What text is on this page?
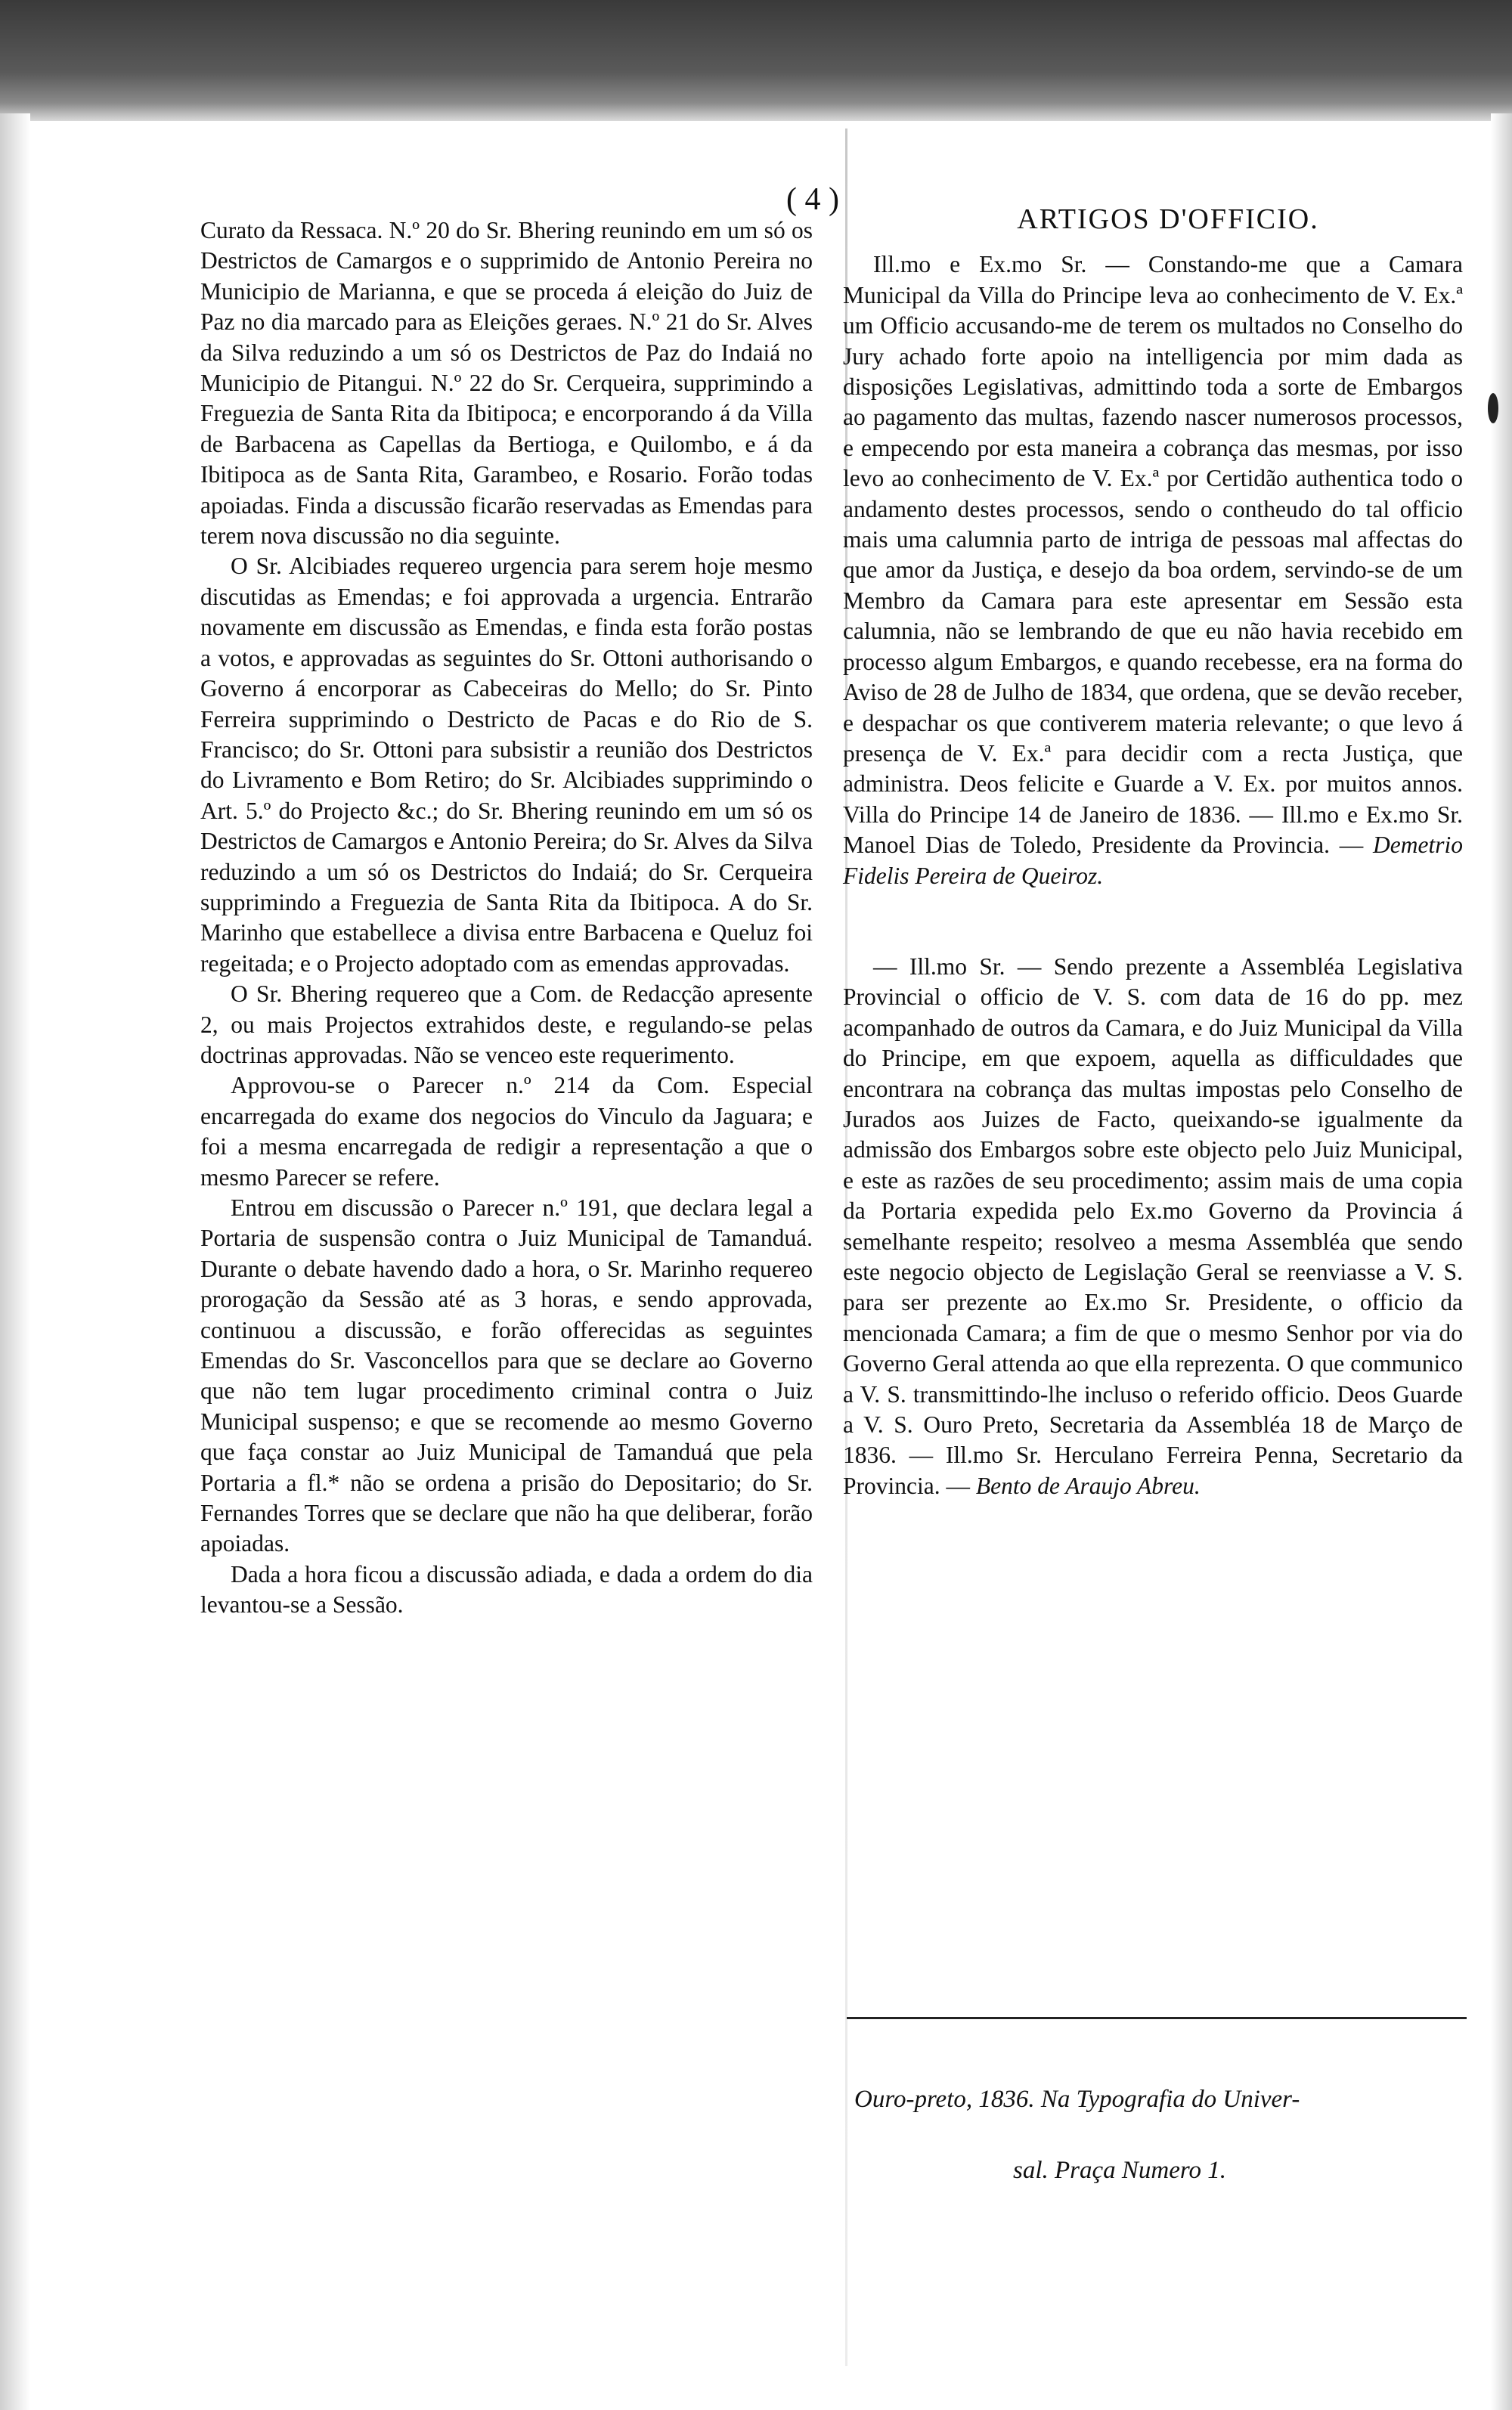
( 4 )

Curato da Ressaca. N.º 20 do Sr. Bhering reunindo em um só os Destrictos de Camargos e o supprimido de Antonio Pereira no Municipio de Marianna, e que se proceda á eleição do Juiz de Paz no dia marcado para as Eleições geraes. N.º 21 do Sr. Alves da Silva reduzindo a um só os Destrictos de Paz do Indaiá no Municipio de Pitangui. N.º 22 do Sr. Cerqueira, supprimindo a Freguezia de Santa Rita da Ibitipoca; e encorporando á da Villa de Barbacena as Capellas da Bertioga, e Quilombo, e á da Ibitipoca as de Santa Rita, Garambeo, e Rosario. Forão todas apoiadas. Finda a discussão ficarão reservadas as Emendas para terem nova discussão no dia seguinte.

O Sr. Alcibiades requereo urgencia para serem hoje mesmo discutidas as Emendas; e foi approvada a urgencia. Entrarão novamente em discussão as Emendas, e finda esta forão postas a votos, e approvadas as seguintes do Sr. Ottoni authorisando o Governo á encorporar as Cabeceiras do Mello; do Sr. Pinto Ferreira supprimindo o Destricto de Pacas e do Rio de S. Francisco; do Sr. Ottoni para subsistir a reunião dos Destrictos do Livramento e Bom Retiro; do Sr. Alcibiades supprimindo o Art. 5.º do Projecto &c.; do Sr. Bhering reunindo em um só os Destrictos de Camargos e Antonio Pereira; do Sr. Alves da Silva reduzindo a um só os Destrictos do Indaiá; do Sr. Cerqueira supprimindo a Freguezia de Santa Rita da Ibitipoca. A do Sr. Marinho que estabellece a divisa entre Barbacena e Queluz foi regeitada; e o Projecto adoptado com as emendas approvadas.

O Sr. Bhering requereo que a Com. de Redacção apresente 2, ou mais Projectos extrahidos deste, e regulando-se pelas doctrinas approvadas. Não se venceo este requerimento.

Approvou-se o Parecer n.º 214 da Com. Especial encarregada do exame dos negocios do Vinculo da Jaguara; e foi a mesma encarregada de redigir a representação a que o mesmo Parecer se refere.

Entrou em discussão o Parecer n.º 191, que declara legal a Portaria de suspensão contra o Juiz Municipal de Tamanduá. Durante o debate havendo dado a hora, o Sr. Marinho requereo prorogação da Sessão até as 3 horas, e sendo approvada, continuou a discussão, e forão offerecidas as seguintes Emendas do Sr. Vasconcellos para que se declare ao Governo que não tem lugar procedimento criminal contra o Juiz Municipal suspenso; e que se recomende ao mesmo Governo que faça constar ao Juiz Municipal de Tamanduá que pela Portaria a fl.* não se ordena a prisão do Depositario; do Sr. Fernandes Torres que se declare que não ha que deliberar, forão apoiadas.

Dada a hora ficou a discussão adiada, e dada a ordem do dia levantou-se a Sessão.

ARTIGOS D'OFFICIO.

Ill.mo e Ex.mo Sr. — Constando-me que a Camara Municipal da Villa do Principe leva ao conhecimento de V. Ex.ª um Officio accusando-me de terem os multados no Conselho do Jury achado forte apoio na intelligencia por mim dada as disposições Legislativas, admittindo toda a sorte de Embargos ao pagamento das multas, fazendo nascer numerosos processos, e empecendo por esta maneira a cobrança das mesmas, por isso levo ao conhecimento de V. Ex.ª por Certidão authentica todo o andamento destes processos, sendo o contheudo do tal officio mais uma calumnia parto de intriga de pessoas mal affectas do que amor da Justiça, e desejo da boa ordem, servindo-se de um Membro da Camara para este apresentar em Sessão esta calumnia, não se lembrando de que eu não havia recebido em processo algum Embargos, e quando recebesse, era na forma do Aviso de 28 de Julho de 1834, que ordena, que se devão receber, e despachar os que contiverem materia relevante; o que levo á presença de V. Ex.ª para decidir com a recta Justiça, que administra. Deos felicite e Guarde a V. Ex. por muitos annos. Villa do Principe 14 de Janeiro de 1836. — Ill.mo e Ex.mo Sr. Manoel Dias de Toledo, Presidente da Provincia. — Demetrio Fidelis Pereira de Queiroz.

— Ill.mo Sr. — Sendo prezente a Assembléa Legislativa Provincial o officio de V. S. com data de 16 do pp. mez acompanhado de outros da Camara, e do Juiz Municipal da Villa do Principe, em que expoem, aquella as difficuldades que encontrara na cobrança das multas impostas pelo Conselho de Jurados aos Juizes de Facto, queixando-se igualmente da admissão dos Embargos sobre este objecto pelo Juiz Municipal, e este as razões de seu procedimento; assim mais de uma copia da Portaria expedida pelo Ex.mo Governo da Provincia á semelhante respeito; resolveo a mesma Assembléa que sendo este negocio objecto de Legislação Geral se reenviasse a V. S. para ser prezente ao Ex.mo Sr. Presidente, o officio da mencionada Camara; a fim de que o mesmo Senhor por via do Governo Geral attenda ao que ella reprezenta. O que communico a V. S. transmittindo-lhe incluso o referido officio. Deos Guarde a V. S. Ouro Preto, Secretaria da Assembléa 18 de Março de 1836. — Ill.mo Sr. Herculano Ferreira Penna, Secretario da Provincia. — Bento de Araujo Abreu.

Ouro-preto, 1836. Na Typografia do Univer-
sal. Praça Numero 1.
